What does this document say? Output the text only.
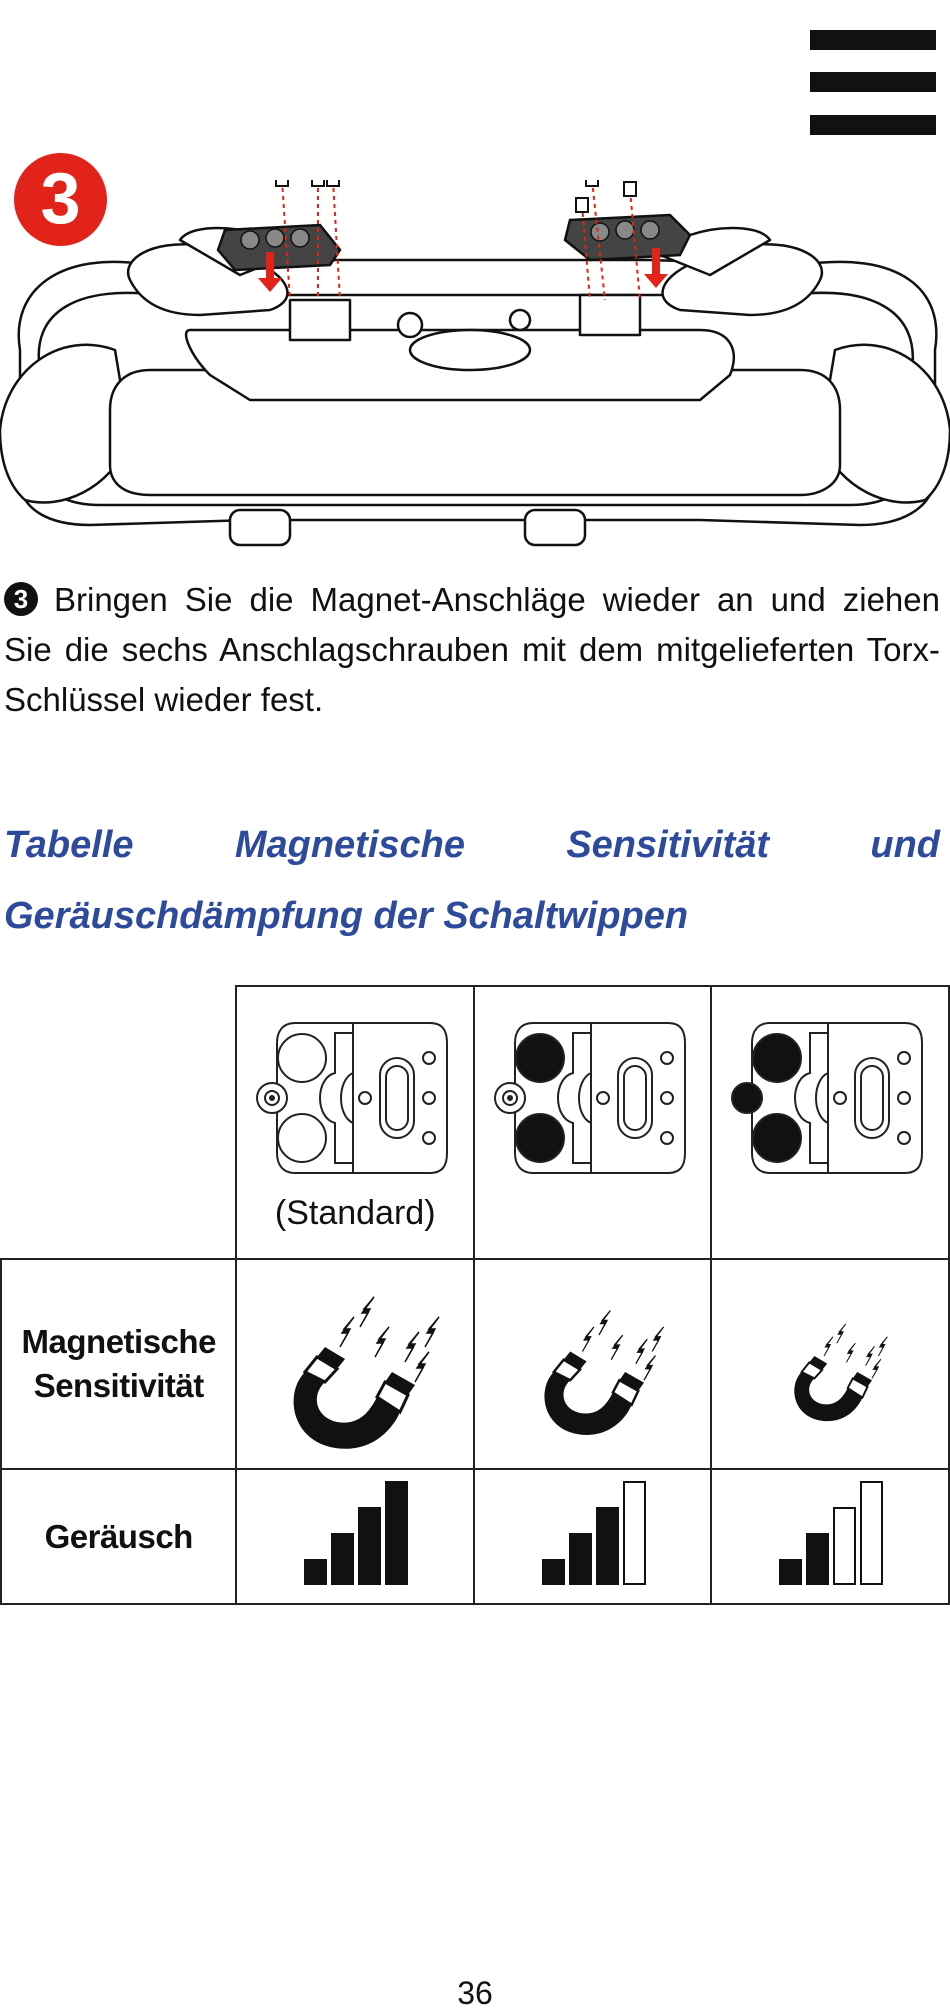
3

3 Bringen Sie die Magnet-Anschläge wieder an und ziehen Sie die sechs Anschlagschrauben mit dem mitgelieferten Torx-Schlüssel wieder fest.

Tabelle Magnetische Sensitivität und
Geräuschdämpfung der Schaltwippen

	(Standard)

Magnetische Sensitivität			
Geräusch			
36
